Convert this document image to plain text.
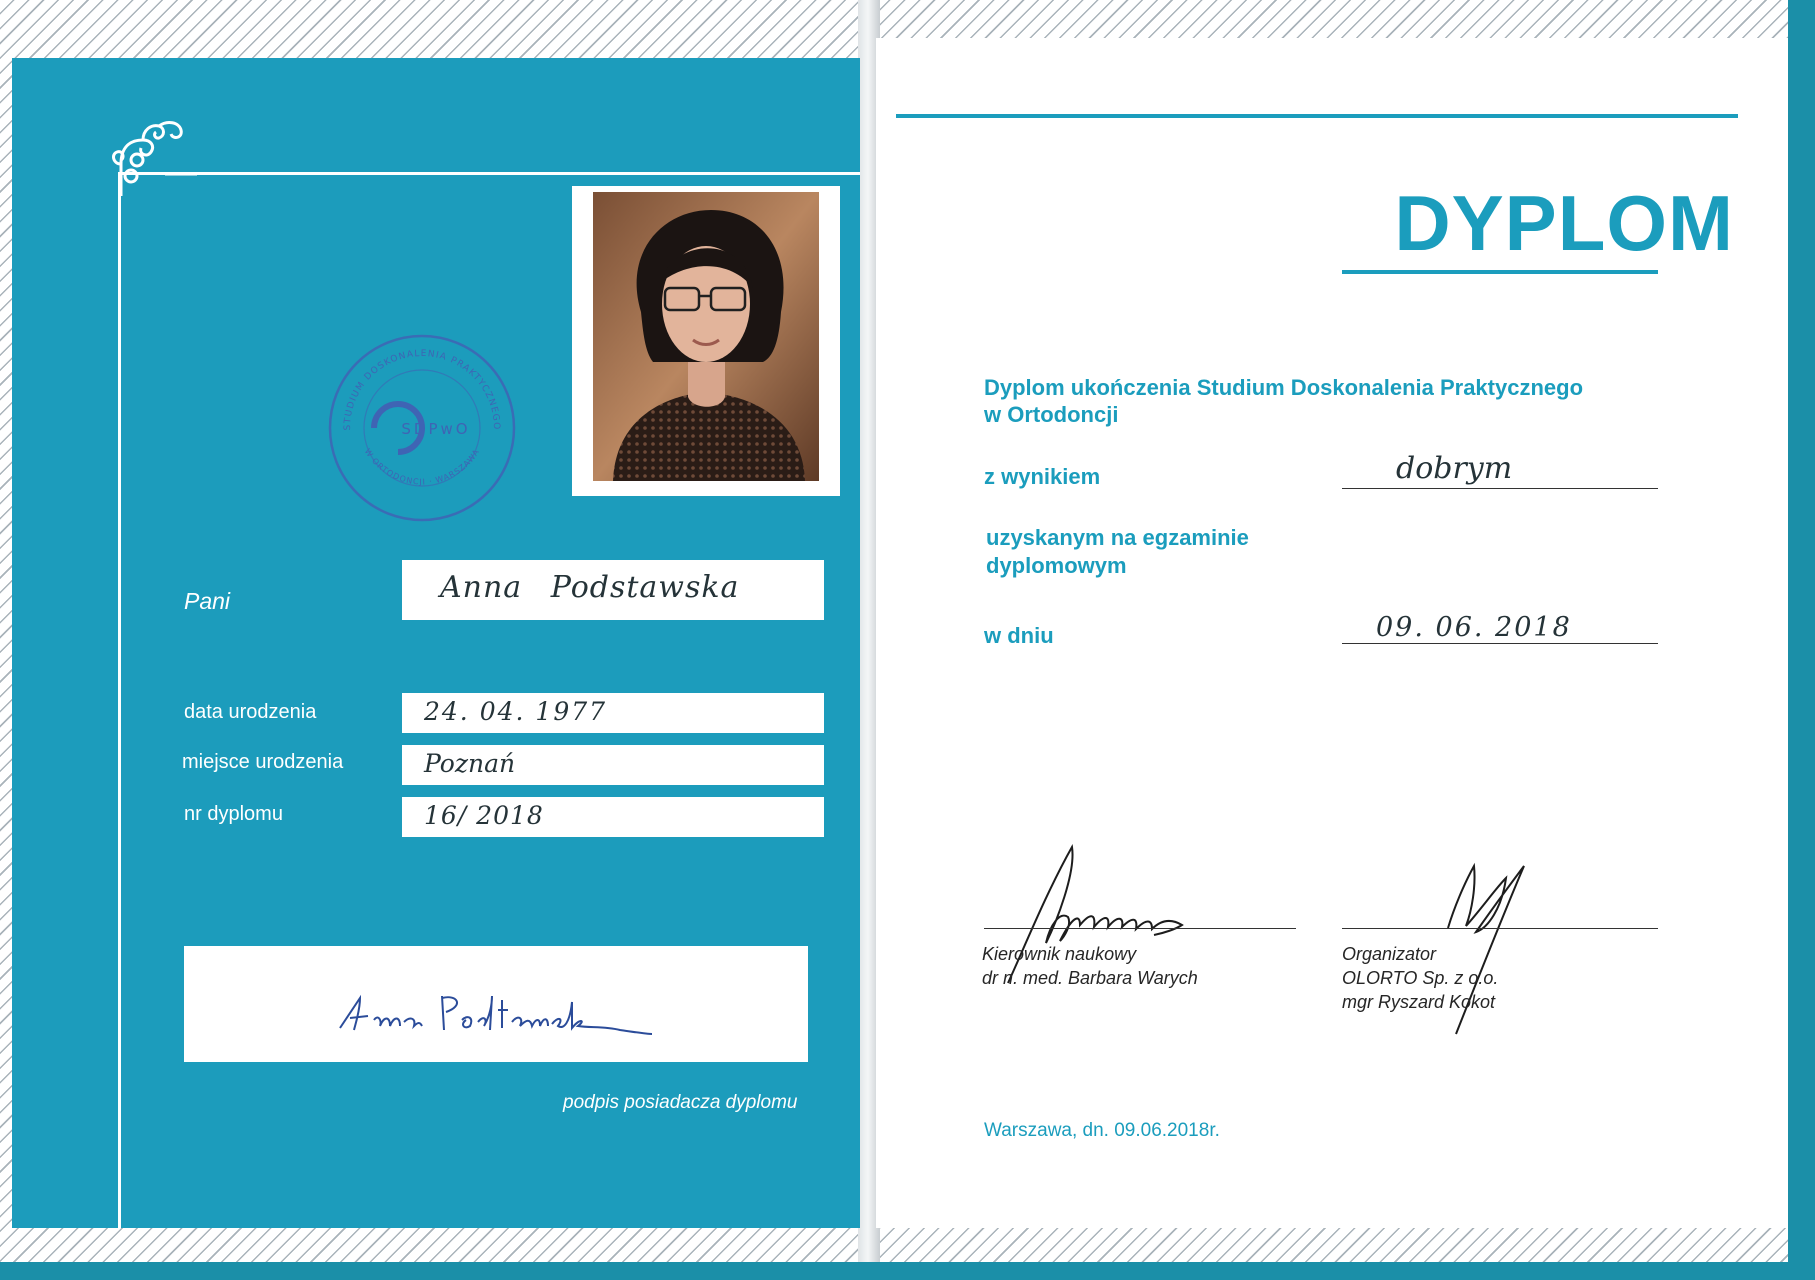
STUDIUM DOSKONALENIA PRAKTYCZNEGO
W ORTODONCJI · WARSZAWA
SDPwO
Pani
data urodzenia
miejsce urodzenia
nr dyplomu
Anna Podstawska
24. 04. 1977
Poznań
16/ 2018
podpis posiadacza dyplomu
DYPLOM
Dyplom ukończenia Studium Doskonalenia Praktycznego
w Ortodoncji
z wynikiem	dobrym
uzyskanym na egzaminie
dyplomowym
w dniu	09. 06. 2018
Kierownik naukowy
dr n. med. Barbara Warych
Organizator
OLORTO Sp. z o.o.
mgr Ryszard Kokot
Warszawa, dn. 09.06.2018r.
